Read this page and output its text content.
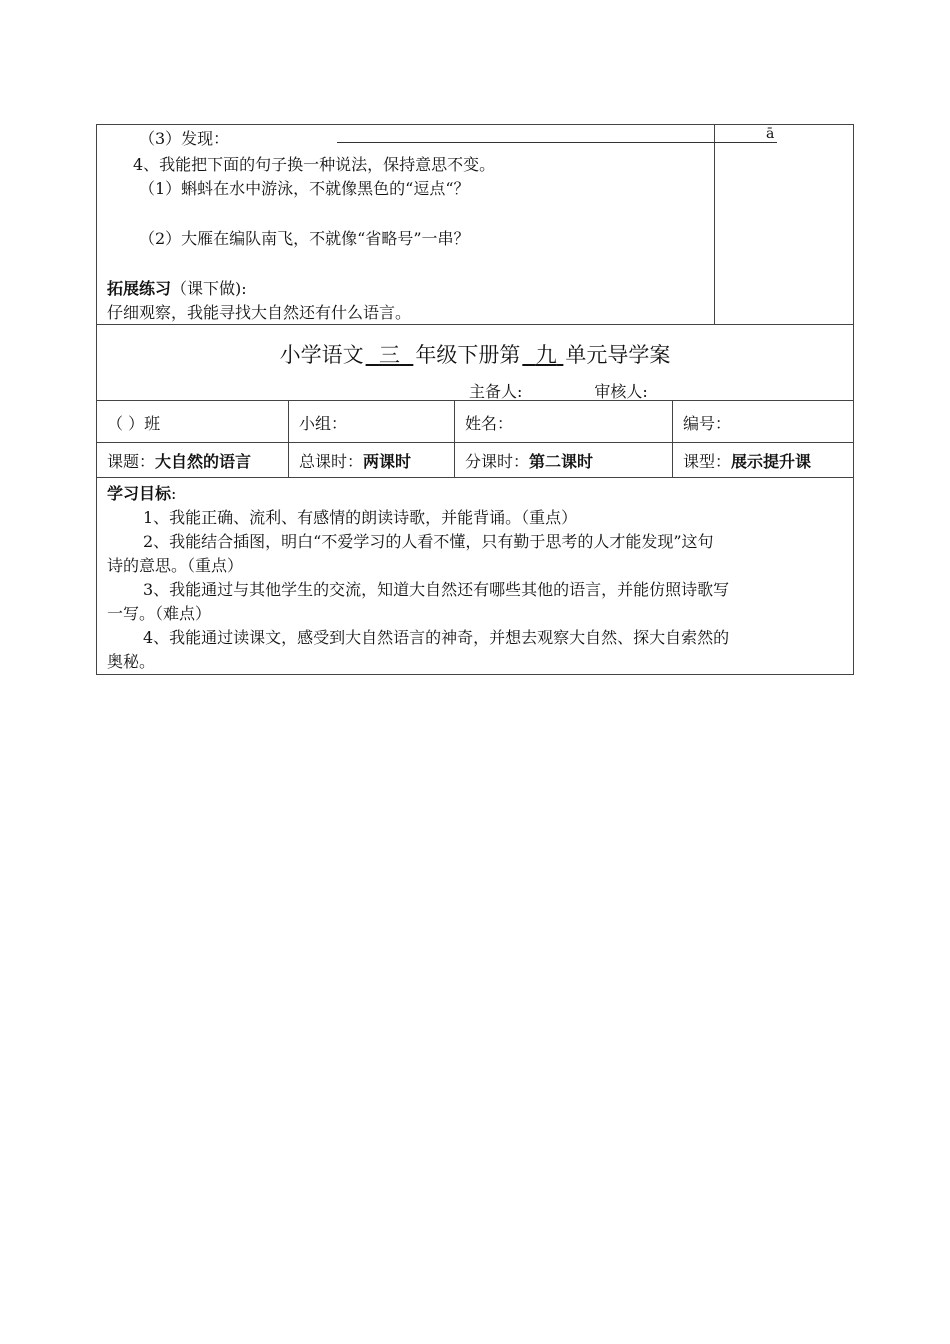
（3）发现：	ā
4、我能把下面的句子换一种说法，保持意思不变。
（1）蝌蚪在水中游泳，不就像黑色的“逗点“？
（2）大雁在编队南飞，不就像“省略号”一串？
拓展练习（课下做):
仔细观察，我能寻找大自然还有什么语言。
小学语文 三 年级下册第 九 单元导学案
主备人:	审核人:
（ ）班	小组：	姓名：	编号：
课题： 大自然的语言	总课时： 两课时	分课时： 第二课时	课型： 展示提升课
学习目标:
1、我能正确、流利、有感情的朗读诗歌，并能背诵。（重点）
2、我能结合插图，明白“不爱学习的人看不懂，只有勤于思考的人才能发现”这句
诗的意思。（重点）
3、我能通过与其他学生的交流，知道大自然还有哪些其他的语言，并能仿照诗歌写
一写。（难点）
4、我能通过读课文，感受到大自然语言的神奇，并想去观察大自然、探大自索然的
奥秘。
